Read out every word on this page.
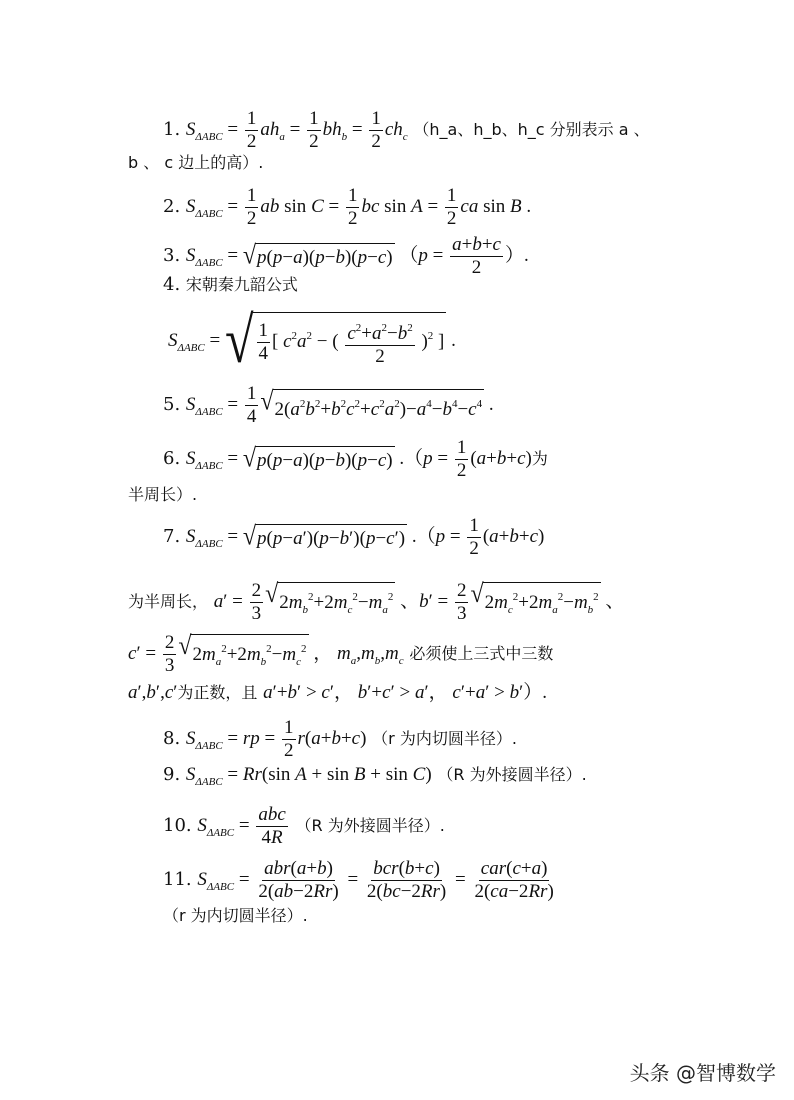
1. $S_{\Delta ABC} = \frac{1}{2} ah_a = \frac{1}{2} bh_b = \frac{1}{2} ch_c$ （h_a、h_b、h_c 分别表示 a 、
b 、 c 边上的高）.
2. $S_{\Delta ABC} = \frac{1}{2}$ ab $\sin C = \frac{1}{2}$ bc $\sin A = \frac{1}{2}$ ca sin B .
3. $S_{\Delta ABC}$ = √ p(p−a)(p−b)(p−c) （$p = \frac{a+b+c}{2}$ ）.
4. 宋朝秦九韶公式
$S_{\Delta ABC}$ = √ $\frac{1}{4}$ [ $c^2a^2$ − ( $\frac{c^2+a^2-b^2}{2} )^2$ ] .
5. $S_{\Delta ABC} = \frac{1}{4}$ √ $2(a^2b^2+b^2c^2+c^2a^2)-a^4-b^4-c^4$ .
6. $S_{\Delta ABC}$ = √ p(p−a)(p−b)(p−c) $.(p = \frac{1}{2} (a+b+c)$为
半周长）.
7. $S_{\Delta ABC}$ = √ p(p−a′)(p−b′)(p−c′) $.(p = \frac{1}{2} (a+b+c)$
为半周长， $a' = \frac{2}{3}$ √ $2m_b^2+2m_c^2-m_a^2$ 、$b' = \frac{2}{3}$ √ $2m_c^2+2m_a^2-m_b^2$ 、
$c' = \frac{2}{3}$ √ $2m_a^2+2m_b^2-m_c^2$ ， $m_a,m_b,m_c$ 必须使上三式中三数
a′,b′,c′为正数，且 a′+b′ > c′， b′+c′ > a′， c′+a′ > b′）.
8. $S_{\Delta ABC}$ = rp = $\frac{1}{2} r(a+b+c)$ （r 为内切圆半径）.
9. $S_{\Delta ABC} = Rr(\sin$ A + sin B + sin C) （R 为外接圆半径）.
10. $S_{\Delta ABC} = \frac{\text{abc}}{4R} (R$ 为外接圆半径）.
11. $S_{\Delta ABC} = \frac{\text{abr(a+b)}}{2(ab-2Rr)} = \frac{\text{bcr(b+c)}}{2(bc-2Rr)} = \frac{\text{car(c+a)}}{2(ca-2Rr)}$
（r 为内切圆半径）.
头条 @智博数学
